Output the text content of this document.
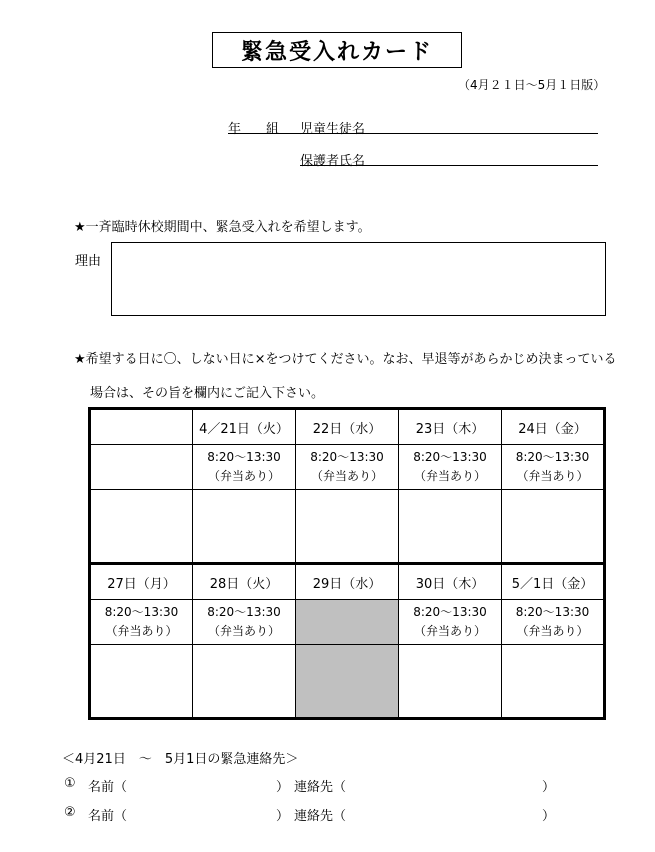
緊急受入れカード
（4月２１日～5月１日版）
年 組 児童生徒名
保護者氏名
★一斉臨時休校期間中、緊急受入れを希望します。
理由
★希望する日に〇、しない日に×をつけてください。なお、早退等があらかじめ決まっている
場合は、その旨を欄内にご記入下さい。
	4／21日（火）	22日（水）	23日（木）	24日（金）

	8:20～13:30
（弁当あり）	8:20～13:30
（弁当あり）	8:20～13:30
（弁当あり）	8:20～13:30
（弁当あり）

27日（月）	28日（火）	29日（水）	30日（木）	5／1日（金）

8:20～13:30
（弁当あり）	8:20～13:30
（弁当あり）		8:20～13:30
（弁当あり）	8:20～13:30
（弁当あり）

＜4月21日　～　5月1日の緊急連絡先＞
① 名前（	） 連絡先（	）
② 名前（	） 連絡先（	）
